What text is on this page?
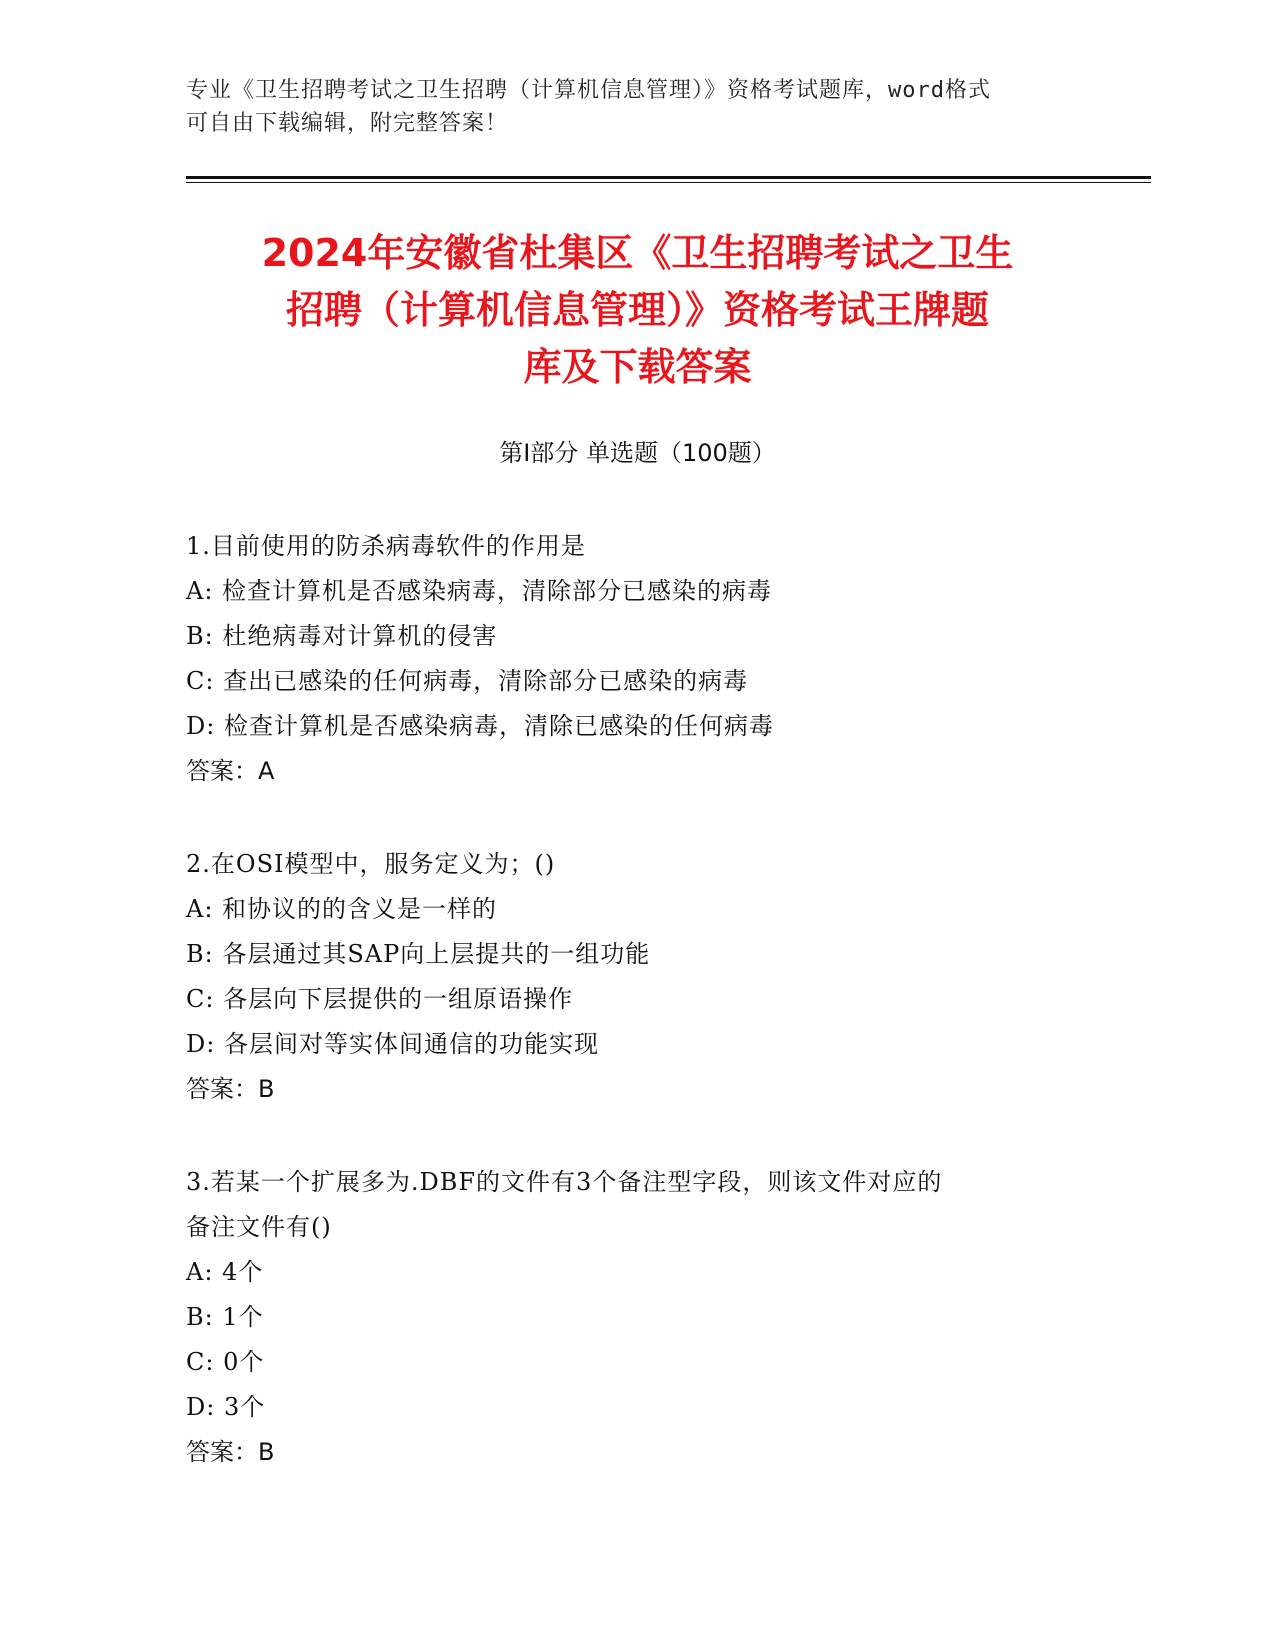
专业《卫生招聘考试之卫生招聘（计算机信息管理）》资格考试题库，word格式
可自由下载编辑，附完整答案！
2024年安徽省杜集区《卫生招聘考试之卫生
招聘（计算机信息管理）》资格考试王牌题
库及下载答案
第I部分 单选题（100题）
1.目前使用的防杀病毒软件的作用是
A: 检查计算机是否感染病毒，清除部分已感染的病毒
B: 杜绝病毒对计算机的侵害
C: 查出已感染的任何病毒，清除部分已感染的病毒
D: 检查计算机是否感染病毒，清除已感染的任何病毒
答案：A
2.在OSI模型中，服务定义为；()
A: 和协议的的含义是一样的
B: 各层通过其SAP向上层提共的一组功能
C: 各层向下层提供的一组原语操作
D: 各层间对等实体间通信的功能实现
答案：B
3.若某一个扩展多为.DBF的文件有3个备注型字段，则该文件对应的
备注文件有()
A: 4个
B: 1个
C: 0个
D: 3个
答案：B
